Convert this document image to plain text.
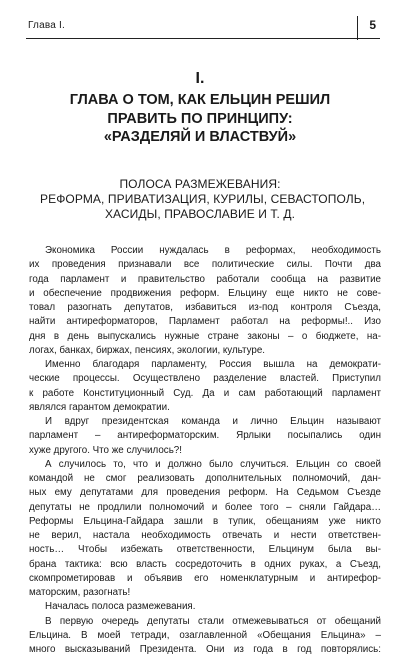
Глава I.	5
I.
ГЛАВА О ТОМ, КАК ЕЛЬЦИН РЕШИЛ
ПРАВИТЬ ПО ПРИНЦИПУ:
«РАЗДЕЛЯЙ И ВЛАСТВУЙ»
ПОЛОСА РАЗМЕЖЕВАНИЯ:
РЕФОРМА, ПРИВАТИЗАЦИЯ, КУРИЛЫ, СЕВАСТОПОЛЬ,
ХАСИДЫ, ПРАВОСЛАВИЕ И Т. Д.
Экономика России нуждалась в реформах, необходимость
их проведения признавали все политические силы. Почти два
года парламент и правительство работали сообща на развитие
и обеспечение продвижения реформ. Ельцину еще никто не сове-
товал разогнать депутатов, избавиться из-под контроля Съезда,
найти антиреформаторов, Парламент работал на реформы!.. Изо
дня в день выпускались нужные стране законы – о бюджете, на-
логах, банках, биржах, пенсиях, экологии, культуре.
Именно благодаря парламенту, Россия вышла на демократи-
ческие процессы. Осуществлено разделение властей. Приступил
к работе Конституционный Суд. Да и сам работающий парламент
являлся гарантом демократии.
И вдруг президентская команда и лично Ельцин называют
парламент – антиреформаторским. Ярлыки посыпались один
хуже другого. Что же случилось?!
А случилось то, что и должно было случиться. Ельцин со своей
командой не смог реализовать дополнительных полномочий, дан-
ных ему депутатами для проведения реформ. На Седьмом Съезде
депутаты не продлили полномочий и более того – сняли Гайдара…
Реформы Ельцина-Гайдара зашли в тупик, обещаниям уже никто
не верил, настала необходимость отвечать и нести ответствен-
ность… Чтобы избежать ответственности, Ельцинум была вы-
брана тактика: всю власть сосредоточить в одних руках, а Съезд,
скомпрометировав и объявив его номенклатурным и антирефор-
маторским, разогнать!
Началась полоса размежевания.
В первую очередь депутаты стали отмежевываться от обещаний
Ельцина. В моей тетради, озаглавленной «Обещания Ельцина» –
много высказываний Президента. Они из года в год повторялись:
